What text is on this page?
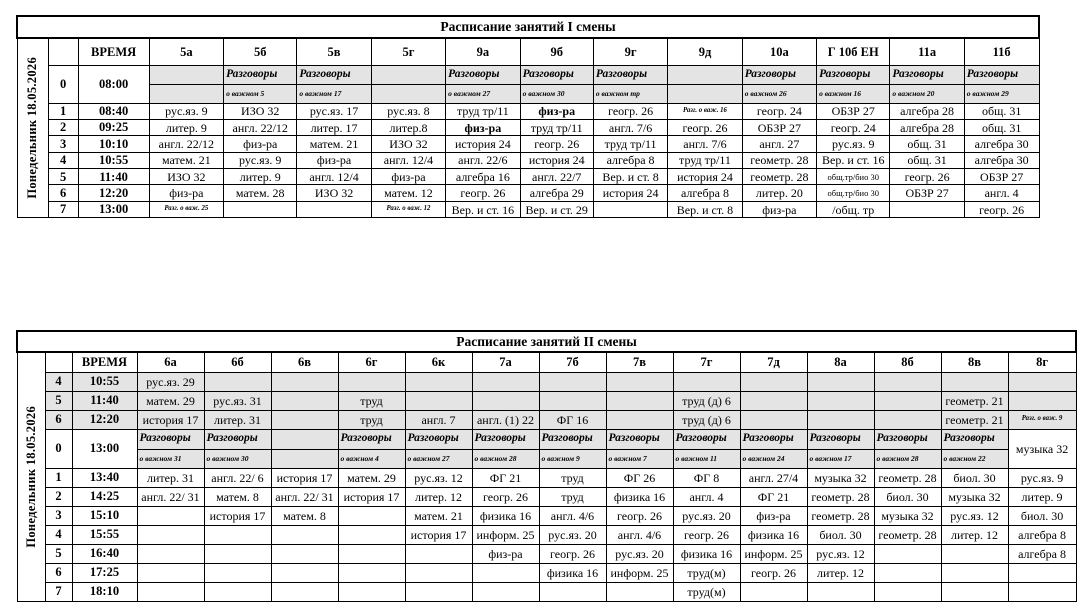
Расписание занятий I смены														

Понедельник 18.05.2026		ВРЕМЯ	5а	5б	5в	5г	9а	9б	9г	9д	10а	Г 10б ЕН	11а	11б
	0	08:00		Разговоры	Разговоры		Разговоры	Разговоры	Разговоры		Разговоры	Разговоры	Разговоры	Разговоры
				о важном 5	о важном 17		о важном 27	о важном 30	о важном тр		о важном 26	о важном 16	о важном 20	о важном 29
	1	08:40	рус.яз. 9	ИЗО 32	рус.яз. 17	рус.яз. 8	труд тр/11	физ-ра	геогр. 26	Разг. о важ. 16	геогр. 24	ОБЗР 27	алгебра 28	общ. 31
	2	09:25	литер. 9	англ. 22/12	литер. 17	литер.8	физ-ра	труд тр/11	англ. 7/6	геогр. 26	ОБЗР 27	геогр. 24	алгебра 28	общ. 31
	3	10:10	англ. 22/12	физ-ра	матем. 21	ИЗО 32	история 24	геогр. 26	труд тр/11	англ. 7/6	англ. 27	рус.яз. 9	общ. 31	алгебра 30
	4	10:55	матем. 21	рус.яз. 9	физ-ра	англ. 12/4	англ. 22/6	история 24	алгебра 8	труд тр/11	геометр. 28	Вер. и ст. 16	общ. 31	алгебра 30
	5	11:40	ИЗО 32	литер. 9	англ. 12/4	физ-ра	алгебра 16	англ. 22/7	Вер. и ст. 8	история 24	геометр. 28	общ.тр/био 30	геогр. 26	ОБЗР 27
	6	12:20	физ-ра	матем. 28	ИЗО 32	матем. 12	геогр. 26	алгебра 29	история 24	алгебра 8	литер. 20	общ.тр/био 30	ОБЗР 27	англ. 4
	7	13:00	Разг. о важ. 25			Разг. о важ. 12	Вер. и ст. 16	Вер. и ст. 29		Вер. и ст. 8	физ-ра	/общ. тр		геогр. 26
Расписание занятий II смены																

Понедельник 18.05.2026		ВРЕМЯ	6а	6б	6в	6г	6к	7а	7б	7в	7г	7д	8а	8б	8в	8г
	4	10:55	рус.яз. 29													
	5	11:40	матем. 29	рус.яз. 31		труд					труд (д) 6				геометр. 21	
	6	12:20	история 17	литер. 31		труд	англ. 7	англ. (1) 22	ФГ 16		труд (д) 6				геометр. 21	Разг. о важ. 9
	0	13:00	Разговоры	Разговоры		Разговоры	Разговоры	Разговоры	Разговоры	Разговоры	Разговоры	Разговоры	Разговоры	Разговоры	Разговоры	музыка 32
			о важном 31	о важном 30		о важном 4	о важном 27	о важном 28	о важном 9	о важном 7	о важном 11	о важном 24	о важном 17	о важном 28	о важном 22	
	1	13:40	литер. 31	англ. 22/ 6	история 17	матем. 29	рус.яз. 12	ФГ 21	труд	ФГ 26	ФГ 8	англ. 27/4	музыка 32	геометр. 28	биол. 30	рус.яз. 9
	2	14:25	англ. 22/ 31	матем. 8	англ. 22/ 31	история 17	литер. 12	геогр. 26	труд	физика 16	англ. 4	ФГ 21	геометр. 28	биол. 30	музыка 32	литер. 9
	3	15:10		история 17	матем. 8		матем. 21	физика 16	англ. 4/6	геогр. 26	рус.яз. 20	физ-ра	геометр. 28	музыка 32	рус.яз. 12	биол. 30
	4	15:55					история 17	информ. 25	рус.яз. 20	англ. 4/6	геогр. 26	физика 16	биол. 30	геометр. 28	литер. 12	алгебра 8
	5	16:40						физ-ра	геогр. 26	рус.яз. 20	физика 16	информ. 25	рус.яз. 12			алгебра 8
	6	17:25							физика 16	информ. 25	труд(м)	геогр. 26	литер. 12			
	7	18:10									труд(м)					
